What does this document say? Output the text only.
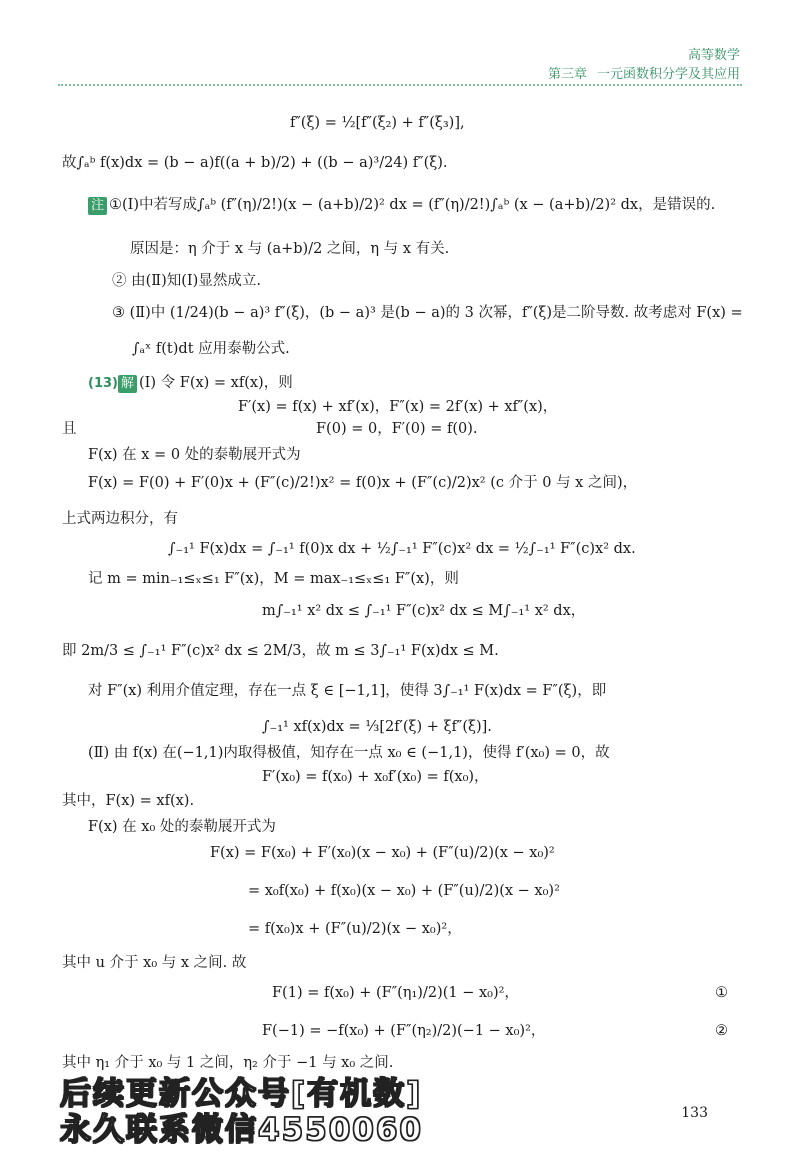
高等数学
第三章 一元函数积分学及其应用
f″(ξ) = ½[f″(ξ₂) + f″(ξ₃)],
故∫ₐᵇ f(x)dx = (b − a)f((a + b)/2) + ((b − a)³/24) f″(ξ).
注 ①(Ⅰ)中若写成∫ₐᵇ (f″(η)/2!)(x − (a+b)/2)² dx = (f″(η)/2!)∫ₐᵇ (x − (a+b)/2)² dx，是错误的.
原因是：η 介于 x 与 (a+b)/2 之间，η 与 x 有关.
② 由(Ⅱ)知(Ⅰ)显然成立.
③ (Ⅱ)中 (1/24)(b − a)³ f″(ξ)，(b − a)³ 是(b − a)的 3 次幂，f″(ξ)是二阶导数. 故考虑对 F(x) =
∫ₐˣ f(t)dt 应用泰勒公式.
(13) 解 (Ⅰ) 令 F(x) = xf(x)，则
F′(x) = f(x) + xf′(x)，F″(x) = 2f′(x) + xf″(x)，
且	F(0) = 0，F′(0) = f(0).
F(x) 在 x = 0 处的泰勒展开式为
F(x) = F(0) + F′(0)x + (F″(c)/2!)x² = f(0)x + (F″(c)/2)x² (c 介于 0 与 x 之间)，
上式两边积分，有
∫₋₁¹ F(x)dx = ∫₋₁¹ f(0)x dx + ½∫₋₁¹ F″(c)x² dx = ½∫₋₁¹ F″(c)x² dx.
记 m = min₋₁≤ₓ≤₁ F″(x)，M = max₋₁≤ₓ≤₁ F″(x)，则
m∫₋₁¹ x² dx ≤ ∫₋₁¹ F″(c)x² dx ≤ M∫₋₁¹ x² dx，
即 2m/3 ≤ ∫₋₁¹ F″(c)x² dx ≤ 2M/3，故 m ≤ 3∫₋₁¹ F(x)dx ≤ M.
对 F″(x) 利用介值定理，存在一点 ξ ∈ [−1,1]，使得 3∫₋₁¹ F(x)dx = F″(ξ)，即
∫₋₁¹ xf(x)dx = ⅓[2f′(ξ) + ξf″(ξ)].
(Ⅱ) 由 f(x) 在(−1,1)内取得极值，知存在一点 x₀ ∈ (−1,1)，使得 f′(x₀) = 0，故
F′(x₀) = f(x₀) + x₀f′(x₀) = f(x₀)，
其中，F(x) = xf(x).
F(x) 在 x₀ 处的泰勒展开式为
F(x) = F(x₀) + F′(x₀)(x − x₀) + (F″(u)/2)(x − x₀)²
= x₀f(x₀) + f(x₀)(x − x₀) + (F″(u)/2)(x − x₀)²
= f(x₀)x + (F″(u)/2)(x − x₀)²，
其中 u 介于 x₀ 与 x 之间. 故
F(1) = f(x₀) + (F″(η₁)/2)(1 − x₀)²，	①
F(−1) = −f(x₀) + (F″(η₂)/2)(−1 − x₀)²，	②
其中 η₁ 介于 x₀ 与 1 之间，η₂ 介于 −1 与 x₀ 之间.
后续更新公众号[有机数]
永久联系微信4550060	133
